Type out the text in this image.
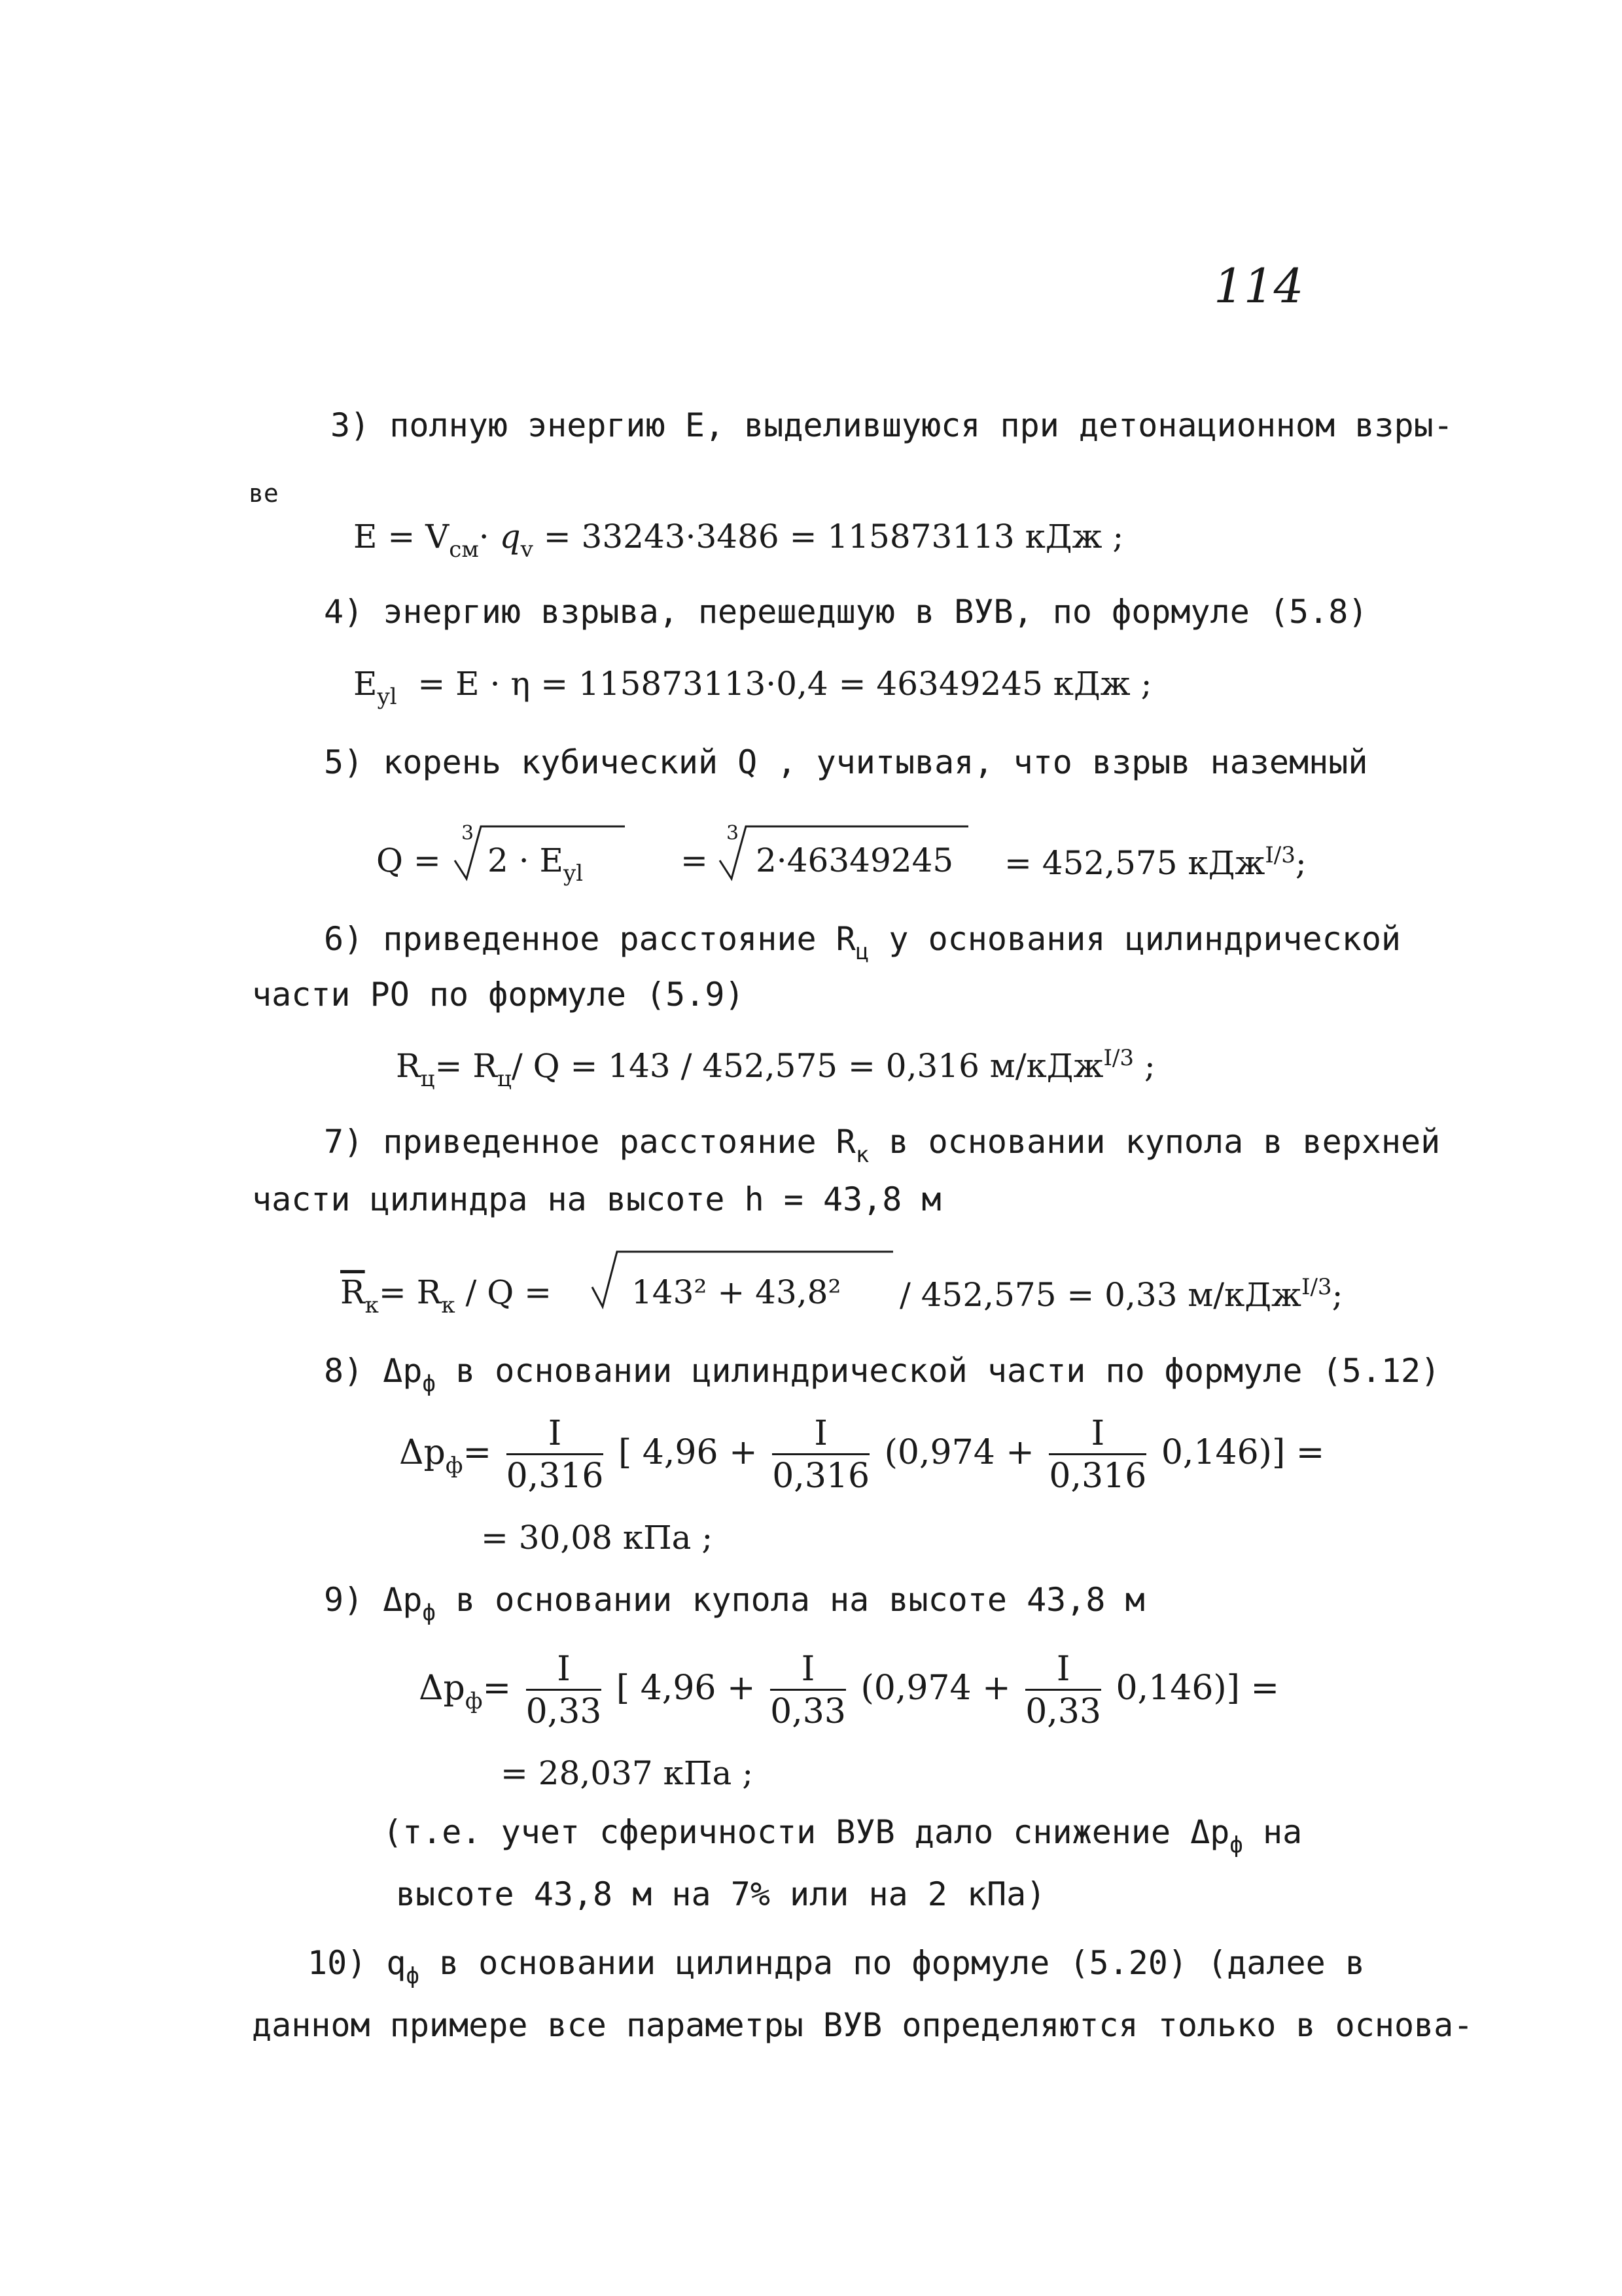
114
3) полную энергию E, выделившуюся при детонационном взры-
ве
$E = V_{см}\cdot q_v = 33243\cdot 3486 = 115873113$ кДж ;
4) энергию взрыва, перешедшую в ВУВ, по формуле (5.8)
$E_{yl} = E \cdot \eta = 115873113\cdot 0,4 = 46349245$ кДж ;
5) корень кубический Q , учитывая, что взрыв наземный
Q =
3
$2 \cdot E_{yl}$	=
3
2·46349245 = 452,575 кДж$^{I/3}$;
6) приведенное расстояние $R_ц$ у основания цилиндрической
части РО по формуле (5.9)
$R_ц= R_ц/$ Q = 143 / 452,575 = 0,316 м/кДж$^{I/3}$ ;
7) приведенное расстояние $R_к$ в основании купола в верхней
части цилиндра на высоте h = 43,8 м
$\overline{R}_к= R_к / Q = 143^2 + 43,8^2 / 452,575 = 0,33$ м/кДж$^{I/3}$;
8) $\Delta p_ф$ в основании цилиндрической части по формуле (5.12)
$\Delta p_ф= \frac{I}{0,316}$ [ $4,96 + \frac{I}{0,316} (0,974 + \frac{I}{0,316} 0,146)$] =
= 30,08 кПа ;
9) $\Delta p_ф$ в основании купола на высоте 43,8 м
$\Delta p_ф= \frac{I}{0,33}$ [ $4,96 + \frac{I}{0,33} (0,974 + \frac{I}{0,33} 0,146)$] =
= 28,037 кПа ;
(т.е. учет сферичности ВУВ дало снижение $\Delta p_ф$ на
высоте 43,8 м на 7% или на 2 кПа)
10) $q_ф$ в основании цилиндра по формуле (5.20) (далее в
данном примере все параметры ВУВ определяются только в основа-
